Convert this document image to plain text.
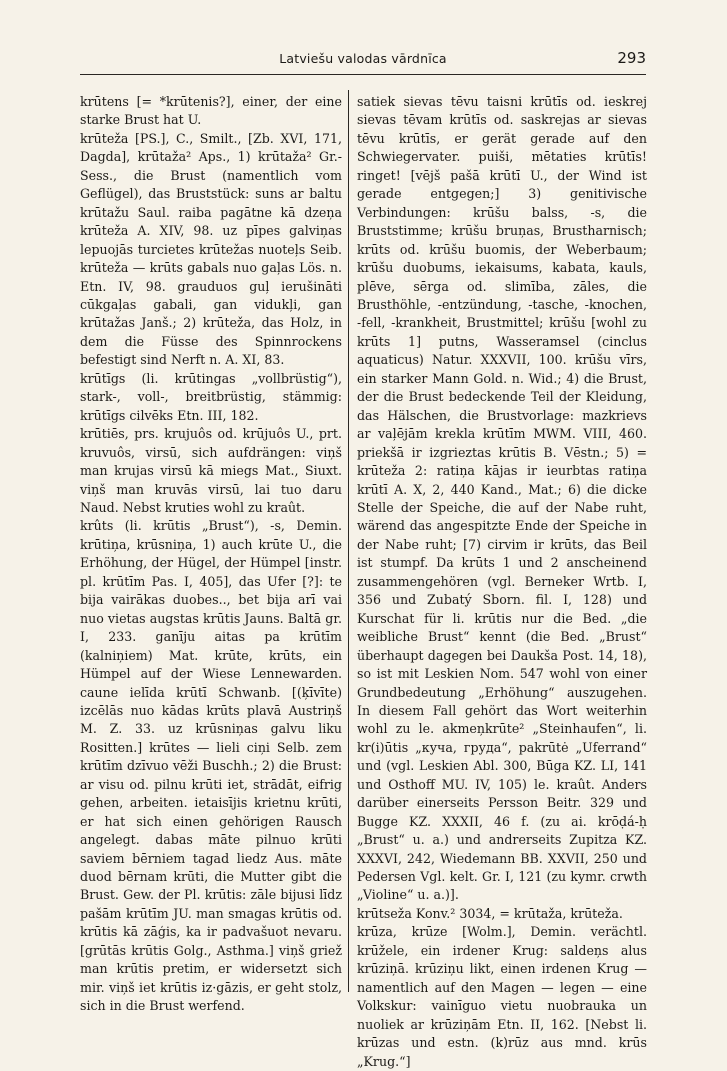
Latviešu valodas vārdnīca	293

krūtens [= *krūtenis?], einer, der eine starke Brust hat U.

krūteža [PS.], C., Smilt., [Zb. XVI, 171, Dagda], krūtaža² Aps., 1) krūtaža² Gr.-Sess., die Brust (namentlich vom Geflügel), das Bruststück: suns ar baltu krūtažu Saul. raiba pagātne kā dzeņa krūteža A. XIV, 98. uz pīpes galviņas lepuojās turcietes krūtežas nuoteļs Seib. krūteža — krūts gabals nuo gaļas Lös. n. Etn. IV, 98. grauduos guļ ierušināti cūkgaļas gabali, gan vidukļi, gan krūtažas Janš.; 2) krūteža, das Holz, in dem die Füsse des Spinnrockens befestigt sind Nerft n. A. XI, 83.

krūtīgs (li. krūtingas „vollbrüstig“), stark-, voll-, breitbrüstig, stämmig: krūtīgs cilvēks Etn. III, 182.

krūtiēs, prs. krujuôs od. krūjuôs U., prt. kruvuôs, virsū, sich aufdrängen: viņš man krujas virsū kā miegs Mat., Siuxt. viņš man kruvās virsū, lai tuo daru Naud. Nebst kruties wohl zu kraût.

krûts (li. krūtis „Brust“), -s, Demin. krūtiņa, krūsniņa, 1) auch krūte U., die Erhöhung, der Hügel, der Hümpel [instr. pl. krūtīm Pas. I, 405], das Ufer [?]: te bija vairākas duobes.., bet bija arī vai nuo vietas augstas krūtis Jauns. Baltā gr. I, 233. ganīju aitas pa krūtīm (kalniņiem) Mat. krūte, krūts, ein Hümpel auf der Wiese Lennewarden. caune ielīda krūtī Schwanb. [(ķīvīte) izcēlās nuo kādas krūts plavā Austriņš M. Z. 33. uz krūsniņas galvu liku Rositten.] krūtes — lieli ciņi Selb. zem krūtīm dzīvuo vēži Buschh.; 2) die Brust: ar visu od. pilnu krūti iet, strādāt, eifrig gehen, arbeiten. ietaisījis krietnu krūti, er hat sich einen gehörigen Rausch angelegt. dabas māte pilnuo krūti saviem bērniem tagad liedz Aus. māte duod bērnam krūti, die Mutter gibt die Brust. Gew. der Pl. krūtis: zāle bijusi līdz pašām krūtīm JU. man smagas krūtis od. krūtis kā zāģis, ka ir padvašuot nevaru. [grūtās krūtis Golg., Asthma.] viņš griež man krūtis pretim, er widersetzt sich mir. viņš iet krūtis iz·gāzis, er geht stolz, sich in die Brust werfend.

satiek sievas tēvu taisni krūtīs od. ieskrej sievas tēvam krūtīs od. saskrejas ar sievas tēvu krūtīs, er gerät gerade auf den Schwiegervater. puiši, mētaties krūtīs! ringet! [vējš pašā krūtī U., der Wind ist gerade entgegen;] 3) genitivische Verbindungen: krūšu balss, -s, die Bruststimme; krūšu bruņas, Brustharnisch; krūts od. krūšu buomis, der Weberbaum; krūšu duobums, iekaisums, kabata, kauls, plēve, sērga od. slimība, zāles, die Brusthöhle, -entzündung, -tasche, -knochen, -fell, -krankheit, Brustmittel; krūšu [wohl zu krūts 1] putns, Wasseramsel (cinclus aquaticus) Natur. XXXVII, 100. krūšu vīrs, ein starker Mann Gold. n. Wid.; 4) die Brust, der die Brust bedeckende Teil der Kleidung, das Hälschen, die Brustvorlage: mazkrievs ar vaļējām krekla krūtīm MWM. VIII, 460. priekšā ir izgrieztas krūtis B. Vēstn.; 5) = krūteža 2: ratiņa kājas ir ieurbtas ratiņa krūtī A. X, 2, 440 Kand., Mat.; 6) die dicke Stelle der Speiche, die auf der Nabe ruht, wärend das angespitzte Ende der Speiche in der Nabe ruht; [7) cirvim ir krūts, das Beil ist stumpf. Da krūts 1 und 2 anscheinend zusammengehören (vgl. Berneker Wrtb. I, 356 und Zubatý Sborn. fil. I, 128) und Kurschat für li. krūtis nur die Bed. „die weibliche Brust“ kennt (die Bed. „Brust“ überhaupt dagegen bei Daukša Post. 14, 18), so ist mit Leskien Nom. 547 wohl von einer Grundbedeutung „Erhöhung“ auszugehen. In diesem Fall gehört das Wort weiterhin wohl zu le. akmeņkrūte² „Steinhaufen“, li. kr(i)ūtis „куча, груда“, pakrūtė „Uferrand“ und (vgl. Leskien Abl. 300, Būga KZ. LI, 141 und Osthoff MU. IV, 105) le. kraût. Anders darüber einerseits Persson Beitr. 329 und Bugge KZ. XXXII, 46 f. (zu ai. krōḍá-ḥ „Brust“ u. a.) und andrerseits Zupitza KZ. XXXVI, 242, Wiedemann BB. XXVII, 250 und Pedersen Vgl. kelt. Gr. I, 121 (zu kymr. crwth „Violine“ u. a.)].

krūtseža Konv.² 3034, = krūtaža, krūteža.

krūza, krūze [Wolm.], Demin. verächtl. krūžele, ein irdener Krug: saldeņs alus krūziņā. krūziņu likt, einen irdenen Krug — namentlich auf den Magen — legen — eine Volkskur: vainīguo vietu nuobrauka un nuoliek ar krūziņām Etn. II, 162. [Nebst li. krūzas und estn. (k)rūz aus mnd. krūs „Krug.“]
